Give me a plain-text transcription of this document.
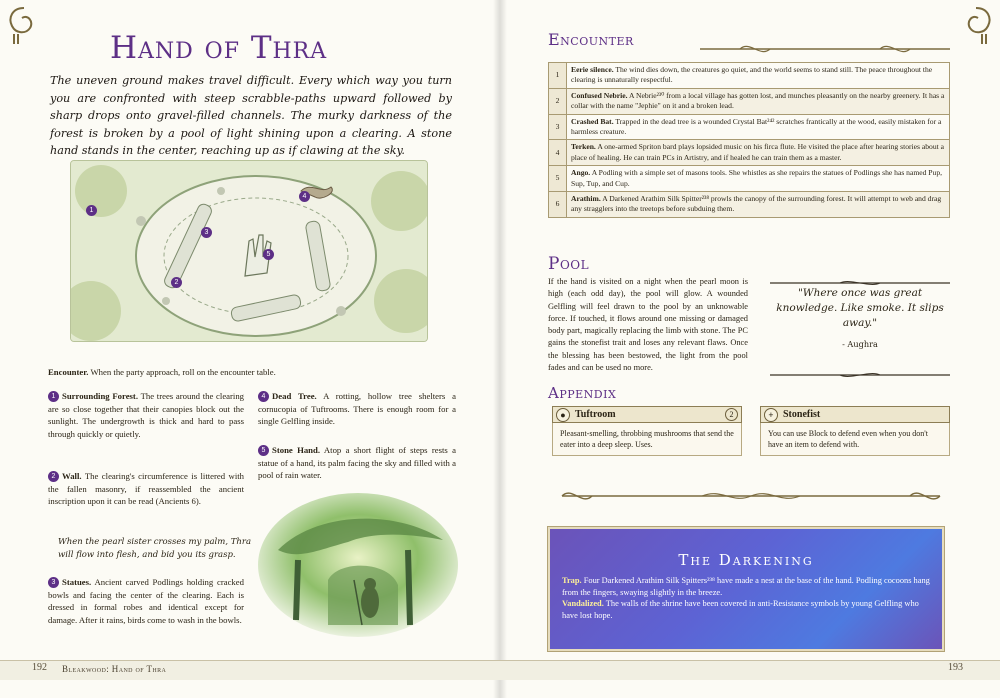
Hand of Thra
The uneven ground makes travel difficult. Every which way you turn you are confronted with steep scrabble-paths upward followed by sharp drops onto gravel-filled channels. The murky darkness of the forest is broken by a pool of light shining upon a clearing. A stone hand stands in the center, reaching up as if clawing at the sky.
1
2
3
4
5
Encounter. When the party approach, roll on the encounter table.
1 Surrounding Forest. The trees around the clearing are so close together that their canopies block out the sunlight. The undergrowth is thick and hard to pass through quickly or quietly.
2 Wall. The clearing's circumference is littered with the fallen masonry, if reassembled the ancient inscription upon it can be read (Ancients 6).
When the pearl sister crosses my palm, Thra will flow into flesh, and bid you its grasp.
3 Statues. Ancient carved Podlings holding cracked bowls and facing the center of the clearing. Each is dressed in formal robes and identical except for damage. After it rains, birds come to wash in the bowls.
4 Dead Tree. A rotting, hollow tree shelters a cornucopia of Tuftrooms. There is enough room for a single Gelfling inside.
5 Stone Hand. Atop a short flight of steps rests a statue of a hand, its palm facing the sky and filled with a pool of rain water.
Encounter
1	Eerie silence. The wind dies down, the creatures go quiet, and the world seems to stand still. The peace throughout the clearing is unnaturally respectful.
2	Confused Nebrie. A Nebrie²³⁰ from a local village has gotten lost, and munches pleasantly on the nearby greenery. It has a collar with the name "Jephie" on it and a broken lead.
3	Crashed Bat. Trapped in the dead tree is a wounded Crystal Bat²⁴² scratches frantically at the wood, easily mistaken for a harmless creature.
4	Terken. A one-armed Spriton bard plays lopsided music on his firca flute. He visited the place after hearing stories about a place of healing. He can train PCs in Artistry, and if healed he can train them as a master.
5	Ango. A Podling with a simple set of masons tools. She whistles as she repairs the statues of Podlings she has named Pup, Sup, Tup, and Cup.
6	Arathim. A Darkened Arathim Silk Spitter²³⁸ prowls the canopy of the surrounding forest. It will attempt to web and drag any stragglers into the treetops before subduing them.
Pool
If the hand is visited on a night when the pearl moon is high (each odd day), the pool will glow. A wounded Gelfling will feel drawn to the pool by an unknowable force. If touched, it flows around one missing or damaged body part, magically replacing the limb with stone. The PC gains the stonefist trait and loses any relevant flaws. Once the blessing has been bestowed, the light from the pool fades and can be used no more.

"Where once was great knowledge. Like smoke. It slips away."

- Aughra

Appendix
● Tuftroom	2
Pleasant-smelling, throbbing mushrooms that send the eater into a deep sleep. Uses.
+ Stonefist
You can use Block to defend even when you don't have an item to defend with.
The Darkening
Trap. Four Darkened Arathim Silk Spitters²³⁸ have made a nest at the base of the hand. Podling cocoons hang from the fingers, swaying slightly in the breeze.
Vandalized. The walls of the shrine have been covered in anti-Resistance symbols by young Gelfling who have lost hope.
192 Bleakwood: Hand of Thra	193
